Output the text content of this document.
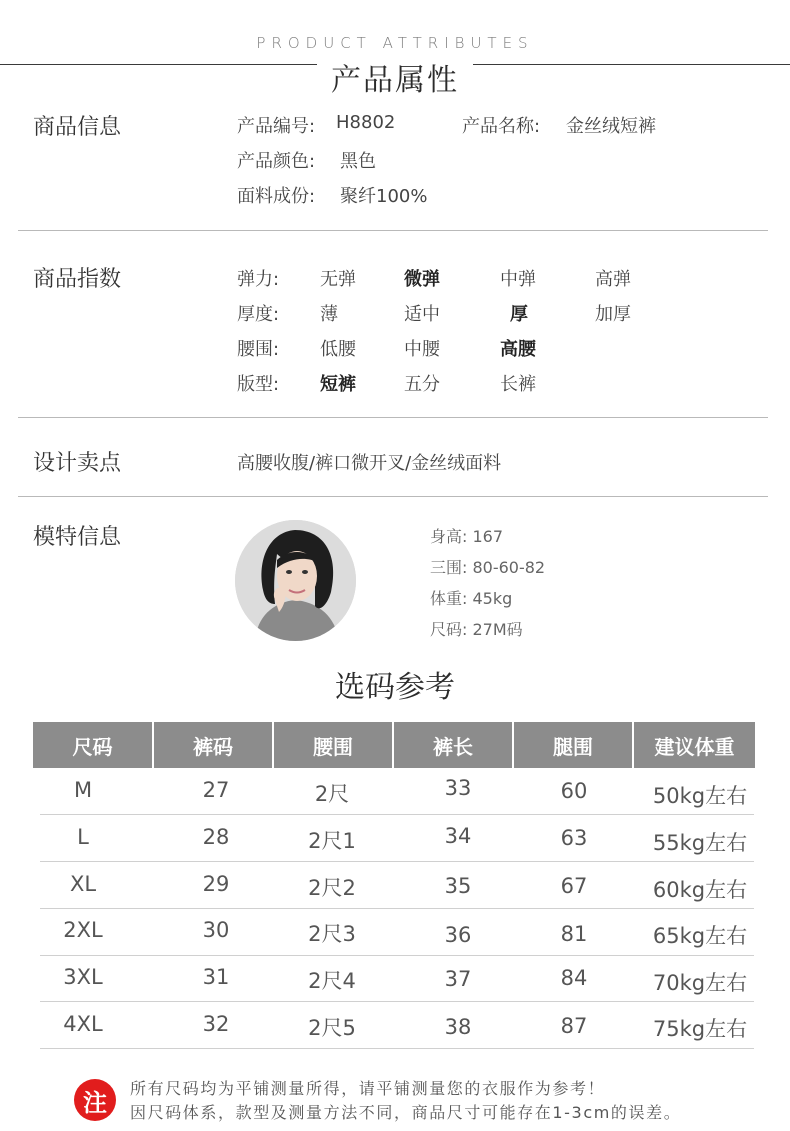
PRODUCT ATTRIBUTES
产品属性
商品信息	产品编号: H8802	产品名称: 金丝绒短裤
产品颜色: 黑色
面料成份: 聚纤100%
商品指数	弹力: 无弹	微弹	中弹	高弹
厚度: 薄	适中	厚	加厚
腰围: 低腰	中腰	高腰
版型: 短裤	五分	长裤
设计卖点	高腰收腹/裤口微开叉/金丝绒面料
模特信息	身高: 167
三围: 80-60-82
体重: 45kg
尺码: 27M码
选码参考
尺码	裤码	腰围	裤长	腿围	建议体重
M	27	2尺	33	60	50kg左右
L	28	2尺1	34	63	55kg左右
XL	29	2尺2	35	67	60kg左右
2XL	30	2尺3	36	81	65kg左右
3XL	31	2尺4	37	84	70kg左右
4XL	32	2尺5	38	87	75kg左右
注	所有尺码均为平铺测量所得，请平铺测量您的衣服作为参考！
因尺码体系，款型及测量方法不同，商品尺寸可能存在1-3cm的误差。
